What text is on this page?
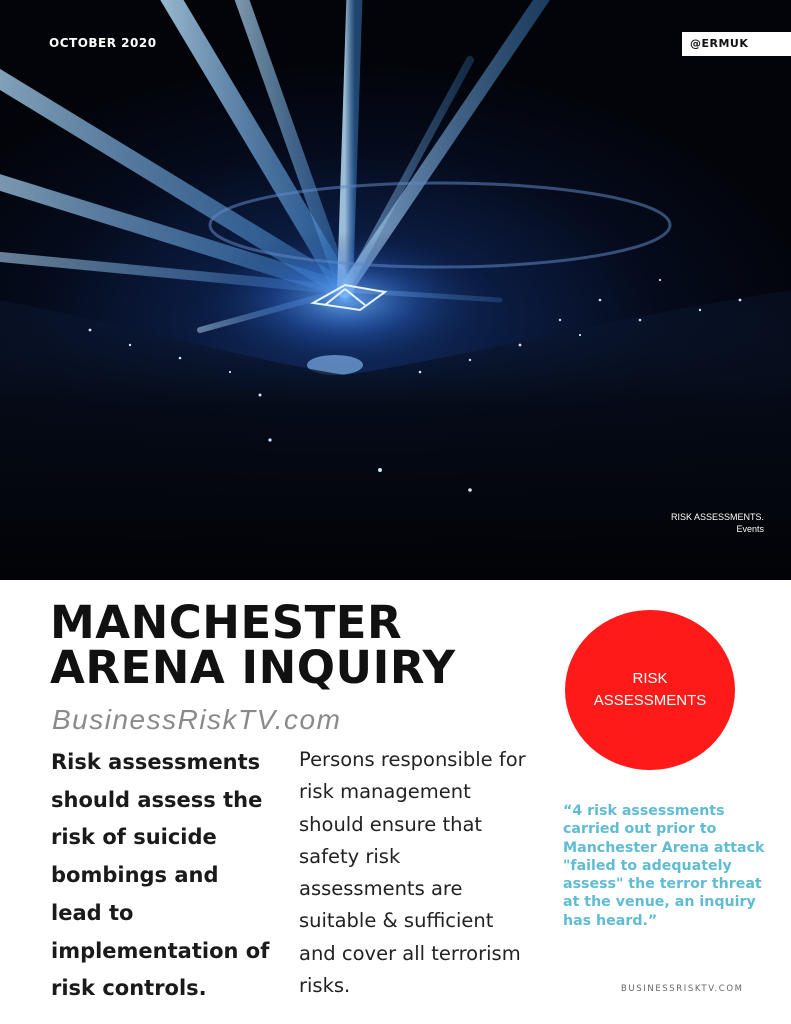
OCTOBER 2020	@ERMUK
RISK ASSESSMENTS.
Events
MANCHESTER
ARENA INQUIRY
BusinessRiskTV.com

Risk assessments should assess the risk of suicide bombings and lead to implementation of risk controls.

Persons responsible for risk management should ensure that safety risk assessments are suitable & sufficient and cover all terrorism risks.

RISK
ASSESSMENTS

“4 risk assessments carried out prior to Manchester Arena attack "failed to adequately assess" the terror threat at the venue, an inquiry has heard.”

BUSINESSRISKTV.COM
